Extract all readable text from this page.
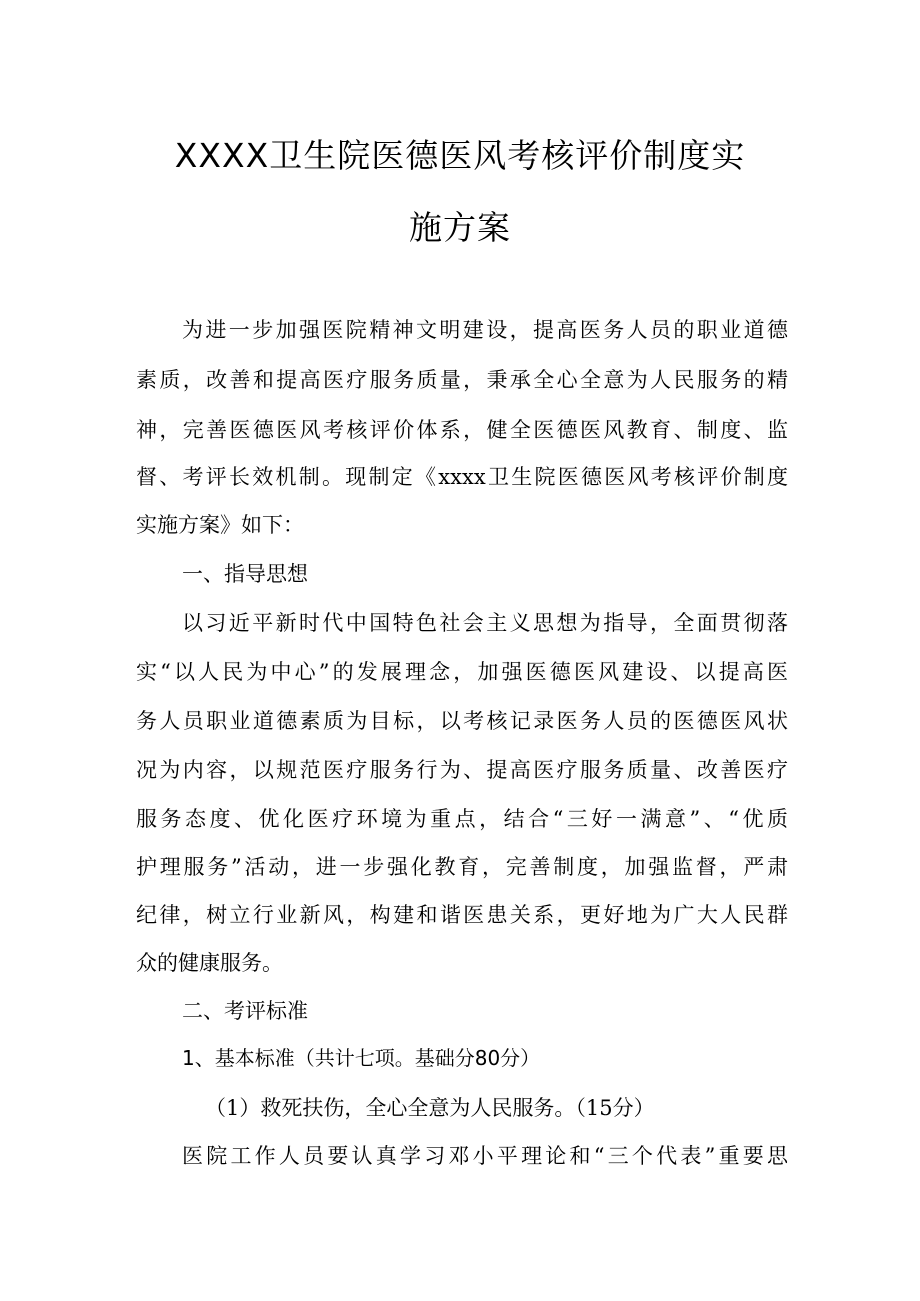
XXXX卫生院医德医风考核评价制度实
施方案
为进一步加强医院精神文明建设，提高医务人员的职业道德
素质，改善和提高医疗服务质量，秉承全心全意为人民服务的精
神，完善医德医风考核评价体系，健全医德医风教育、制度、监
督、考评长效机制。现制定《xxxx卫生院医德医风考核评价制度
实施方案》如下：
一、指导思想
以习近平新时代中国特色社会主义思想为指导，全面贯彻落
实“以人民为中心”的发展理念，加强医德医风建设、以提高医
务人员职业道德素质为目标，以考核记录医务人员的医德医风状
况为内容，以规范医疗服务行为、提高医疗服务质量、改善医疗
服务态度、优化医疗环境为重点，结合“三好一满意”、“优质
护理服务”活动，进一步强化教育，完善制度，加强监督，严肃
纪律，树立行业新风，构建和谐医患关系，更好地为广大人民群
众的健康服务。
二、考评标准
1、基本标准（共计七项。基础分80分）
（1）救死扶伤，全心全意为人民服务。（15分）
医院工作人员要认真学习邓小平理论和“三个代表”重要思
